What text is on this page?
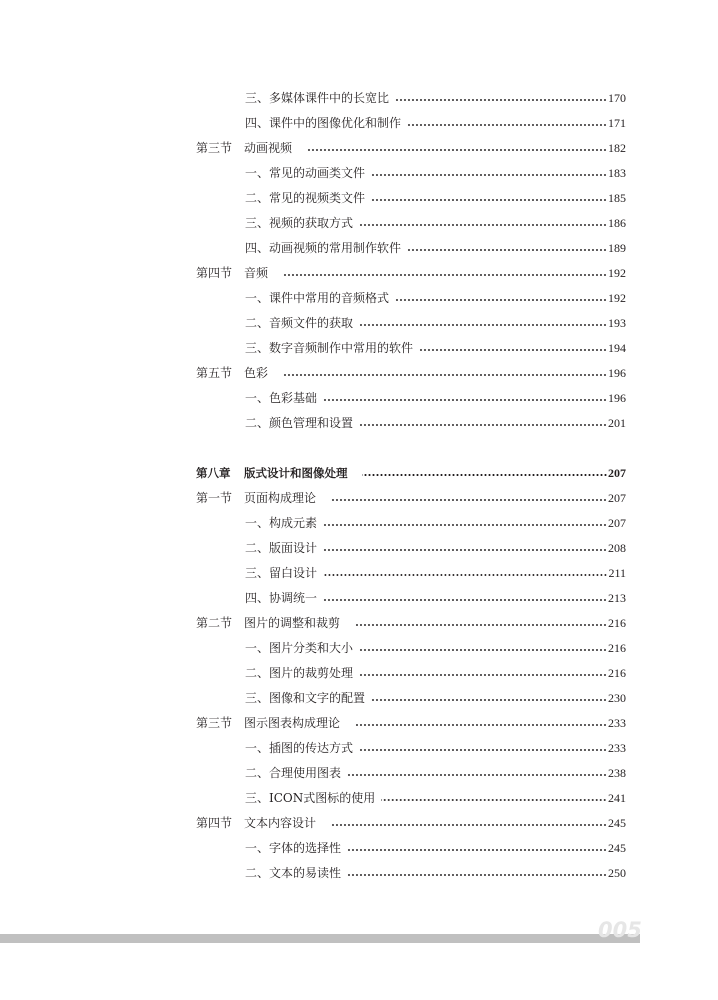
三、多媒体课件中的长宽比	170
四、课件中的图像优化和制作	171
第三节 动画视频	182
一、常见的动画类文件	183
二、常见的视频类文件	185
三、视频的获取方式	186
四、动画视频的常用制作软件	189
第四节 音频	192
一、课件中常用的音频格式	192
二、音频文件的获取	193
三、数字音频制作中常用的软件	194
第五节 色彩	196
一、色彩基础	196
二、颜色管理和设置	201
第八章 版式设计和图像处理	207
第一节 页面构成理论	207
一、构成元素	207
二、版面设计	208
三、留白设计	211
四、协调统一	213
第二节 图片的调整和裁剪	216
一、图片分类和大小	216
二、图片的裁剪处理	216
三、图像和文字的配置	230
第三节 图示图表构成理论	233
一、插图的传达方式	233
二、合理使用图表	238
三、ICON式图标的使用	241
第四节 文本内容设计	245
一、字体的选择性	245
二、文本的易读性	250
005
